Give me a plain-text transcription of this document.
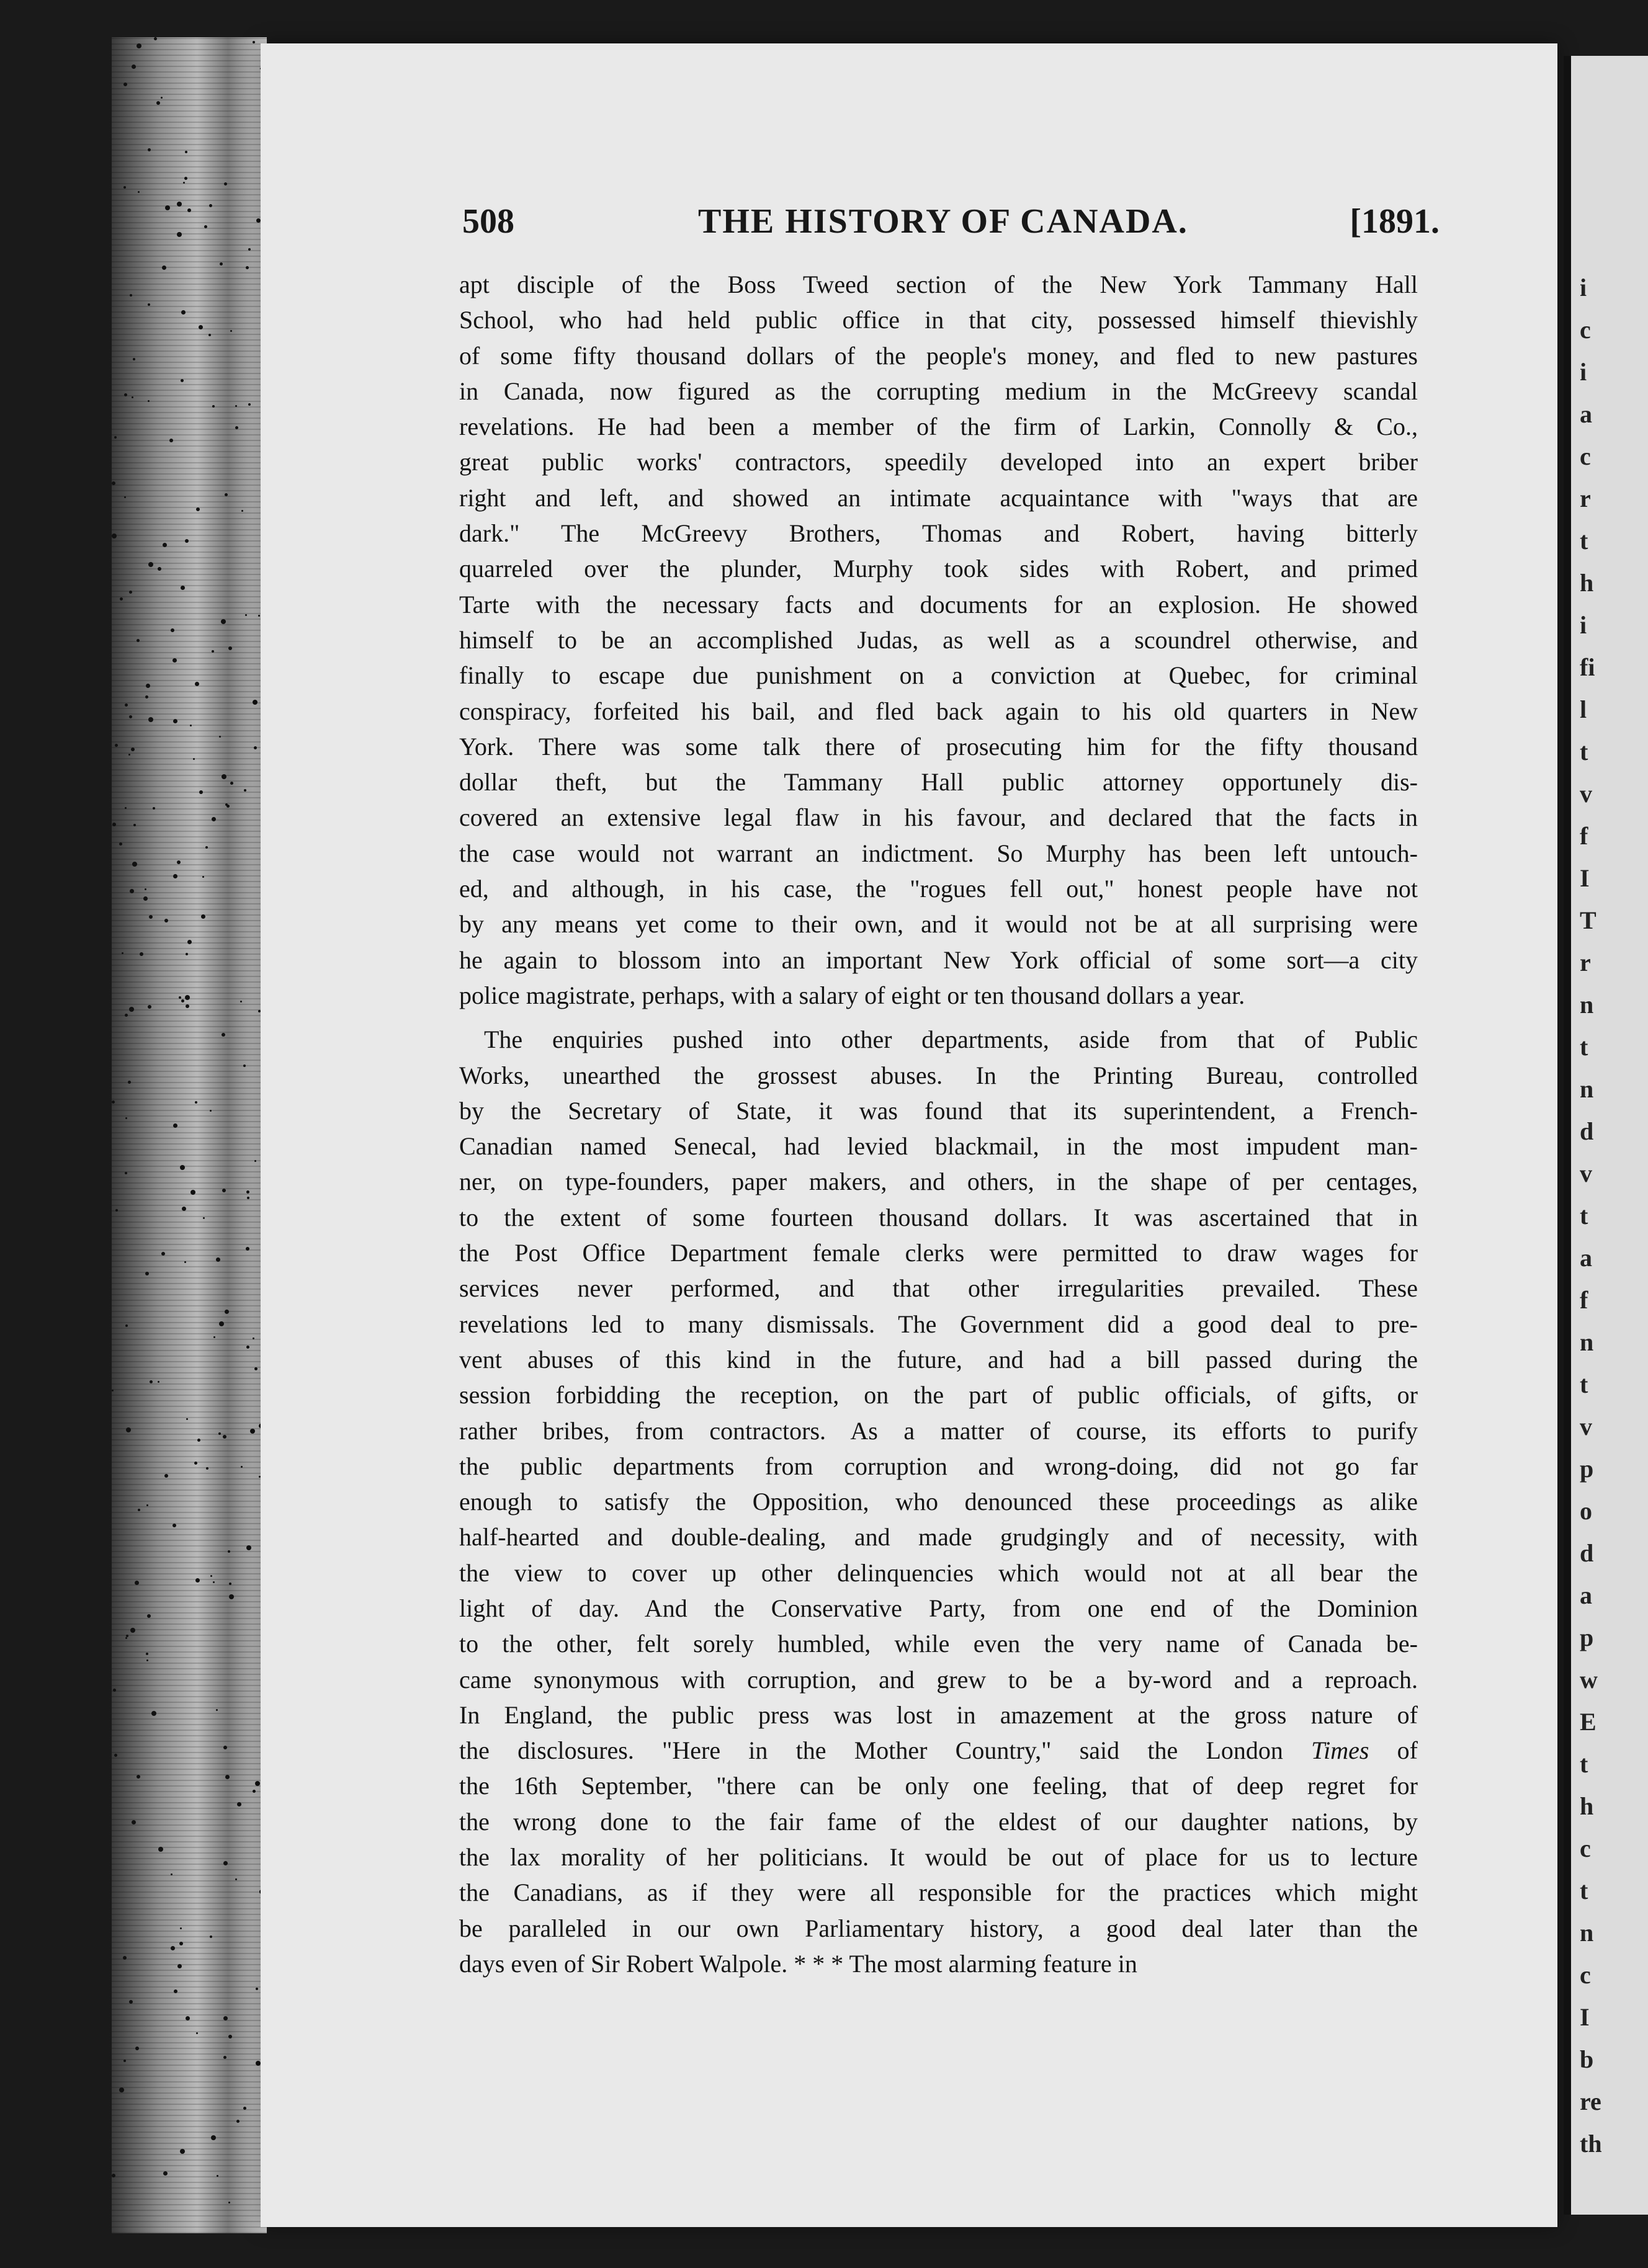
i
c
i
a
c
r
t
h
i
fi
l
t
v
f
I
T
r
n
t
n
d
v
t
a
f
n
t
v
p
o
d
a
p
w
E
t
h
c
t
n
c
I
b
re
th
508	THE HISTORY OF CANADA.	[1891.
apt disciple of the Boss Tweed section of the New York Tammany Hall
School, who had held public office in that city, possessed himself thievishly
of some fifty thousand dollars of the people's money, and fled to new pastures
in Canada, now figured as the corrupting medium in the McGreevy scandal
revelations. He had been a member of the firm of Larkin, Connolly & Co.,
great public works' contractors, speedily developed into an expert briber
right and left, and showed an intimate acquaintance with "ways that are
dark." The McGreevy Brothers, Thomas and Robert, having bitterly
quarreled over the plunder, Murphy took sides with Robert, and primed
Tarte with the necessary facts and documents for an explosion. He showed
himself to be an accomplished Judas, as well as a scoundrel otherwise, and
finally to escape due punishment on a conviction at Quebec, for criminal
conspiracy, forfeited his bail, and fled back again to his old quarters in New
York. There was some talk there of prosecuting him for the fifty thousand
dollar theft, but the Tammany Hall public attorney opportunely dis-
covered an extensive legal flaw in his favour, and declared that the facts in
the case would not warrant an indictment. So Murphy has been left untouch-
ed, and although, in his case, the "rogues fell out," honest people have not
by any means yet come to their own, and it would not be at all surprising were
he again to blossom into an important New York official of some sort—a city
police magistrate, perhaps, with a salary of eight or ten thousand dollars a year.
The enquiries pushed into other departments, aside from that of Public
Works, unearthed the grossest abuses. In the Printing Bureau, controlled
by the Secretary of State, it was found that its superintendent, a French-
Canadian named Senecal, had levied blackmail, in the most impudent man-
ner, on type-founders, paper makers, and others, in the shape of per centages,
to the extent of some fourteen thousand dollars. It was ascertained that in
the Post Office Department female clerks were permitted to draw wages for
services never performed, and that other irregularities prevailed. These
revelations led to many dismissals. The Government did a good deal to pre-
vent abuses of this kind in the future, and had a bill passed during the
session forbidding the reception, on the part of public officials, of gifts, or
rather bribes, from contractors. As a matter of course, its efforts to purify
the public departments from corruption and wrong-doing, did not go far
enough to satisfy the Opposition, who denounced these proceedings as alike
half-hearted and double-dealing, and made grudgingly and of necessity, with
the view to cover up other delinquencies which would not at all bear the
light of day. And the Conservative Party, from one end of the Dominion
to the other, felt sorely humbled, while even the very name of Canada be-
came synonymous with corruption, and grew to be a by-word and a reproach.
In England, the public press was lost in amazement at the gross nature of
the disclosures. "Here in the Mother Country," said the London Times of
the 16th September, "there can be only one feeling, that of deep regret for
the wrong done to the fair fame of the eldest of our daughter nations, by
the lax morality of her politicians. It would be out of place for us to lecture
the Canadians, as if they were all responsible for the practices which might
be paralleled in our own Parliamentary history, a good deal later than the
days even of Sir Robert Walpole. * * * The most alarming feature in
